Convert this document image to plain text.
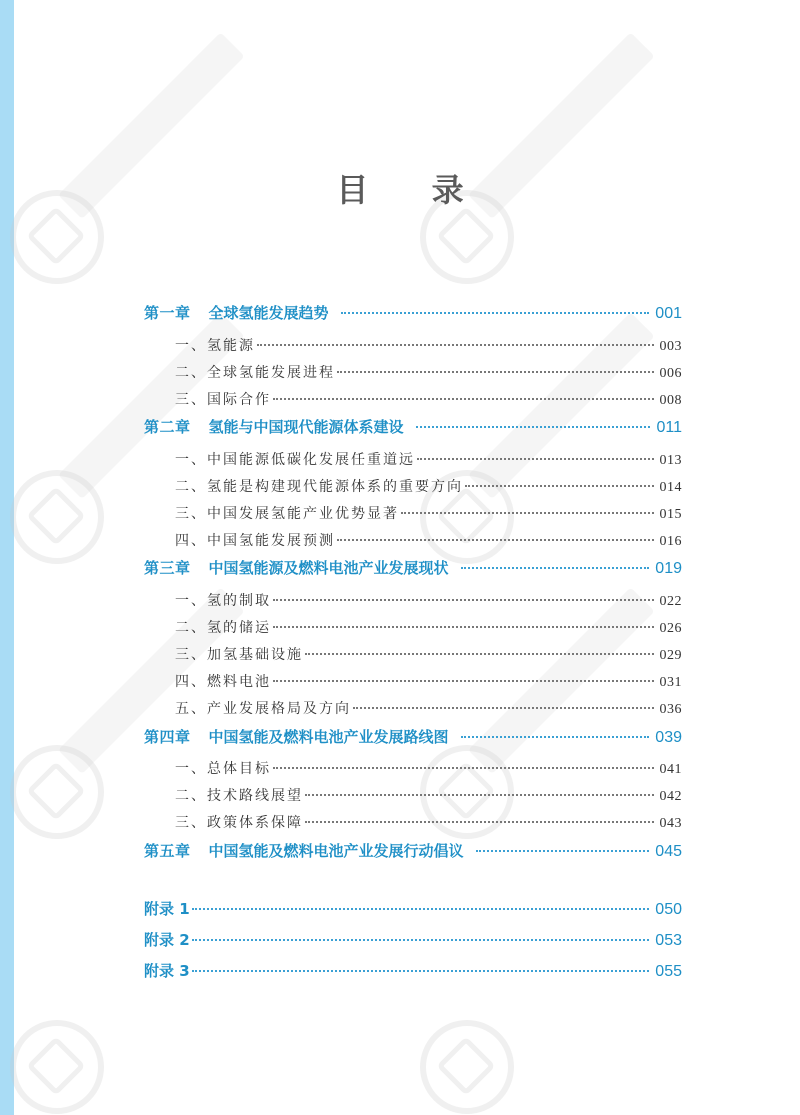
目 录
第一章 全球氢能发展趋势	001
一、氢能源	003
二、全球氢能发展进程	006
三、国际合作	008
第二章 氢能与中国现代能源体系建设	011
一、中国能源低碳化发展任重道远	013
二、氢能是构建现代能源体系的重要方向	014
三、中国发展氢能产业优势显著	015
四、中国氢能发展预测	016
第三章 中国氢能源及燃料电池产业发展现状	019
一、氢的制取	022
二、氢的储运	026
三、加氢基础设施	029
四、燃料电池	031
五、产业发展格局及方向	036
第四章 中国氢能及燃料电池产业发展路线图	039
一、总体目标	041
二、技术路线展望	042
三、政策体系保障	043
第五章 中国氢能及燃料电池产业发展行动倡议	045
附录 1	050
附录 2	053
附录 3	055
